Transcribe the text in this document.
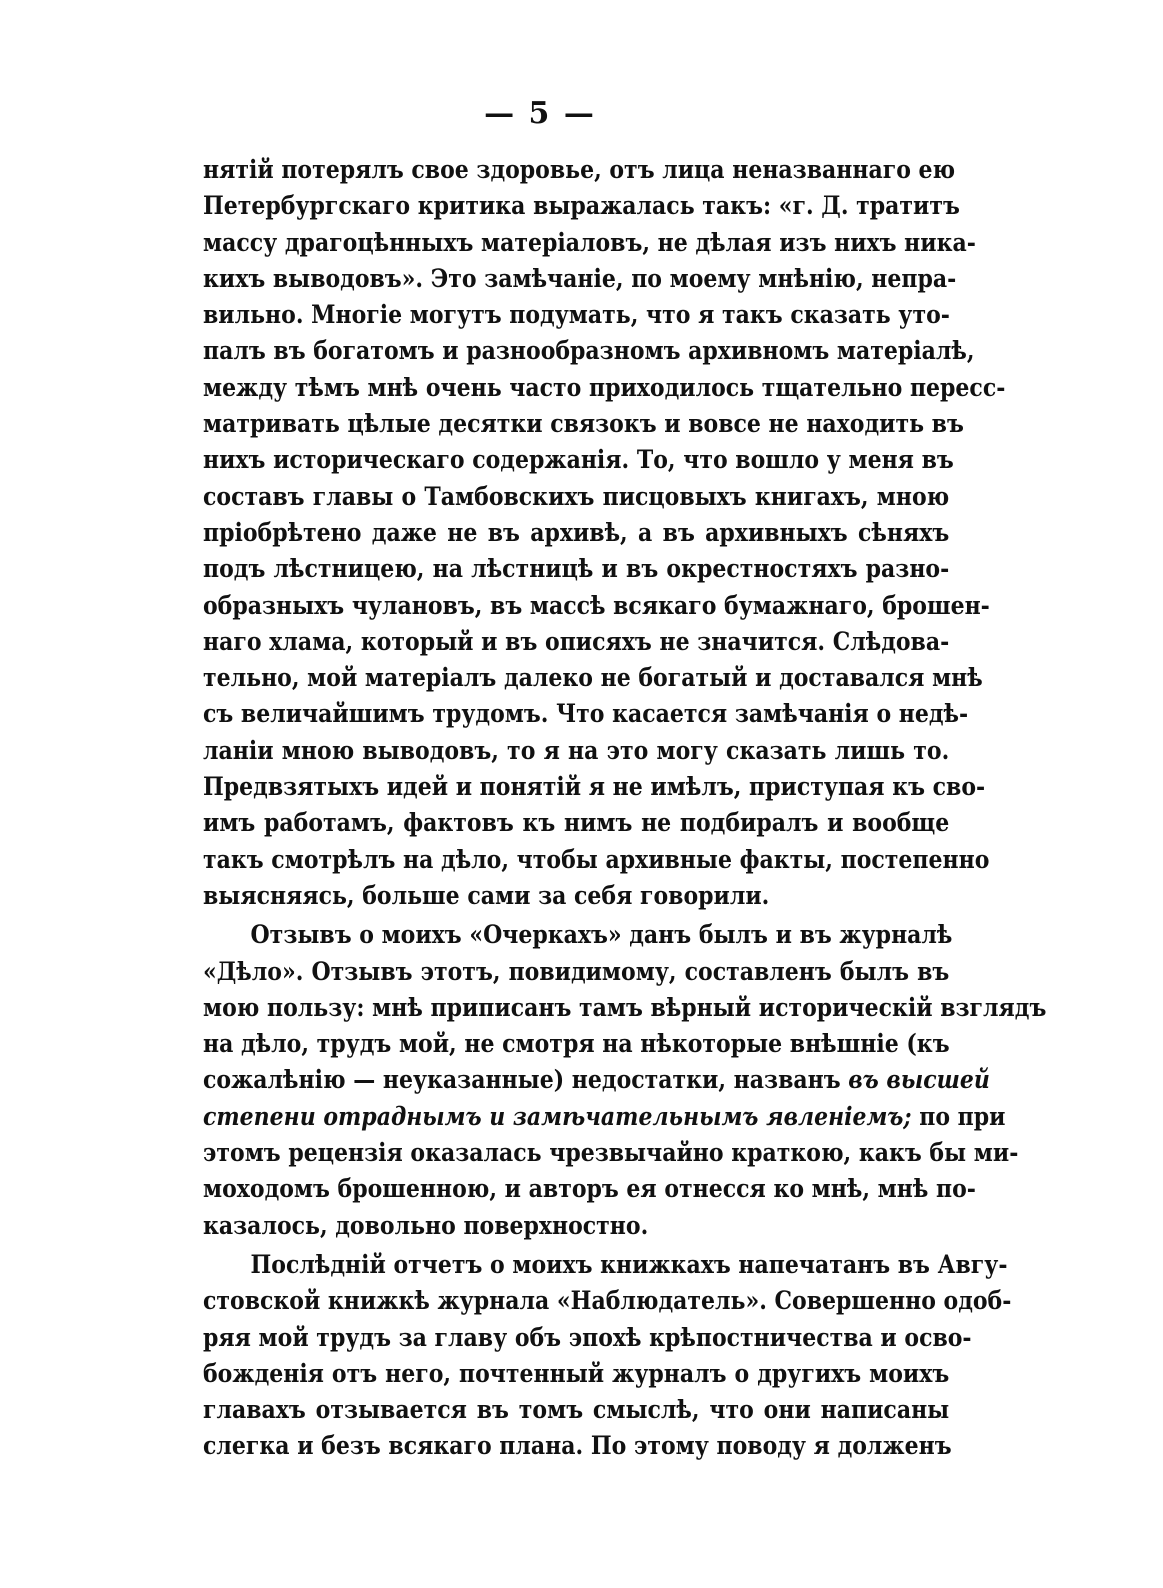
— 5 —
нятій потерялъ свое здоровье, отъ лица неназваннаго ею
Петербургскаго критика выражалась такъ: «г. Д. тратитъ
массу драгоцѣнныхъ матеріаловъ, не дѣлая изъ нихъ ника-
кихъ выводовъ». Это замѣчаніе, по моему мнѣнію, непра-
вильно. Многіе могутъ подумать, что я такъ сказать уто-
палъ въ богатомъ и разнообразномъ архивномъ матеріалѣ,
между тѣмъ мнѣ очень часто приходилось тщательно пересс-
матривать цѣлые десятки связокъ и вовсе не находить въ
нихъ историческаго содержанія. То, что вошло у меня въ
составъ главы о Тамбовскихъ писцовыхъ книгахъ, мною
пріобрѣтено даже не въ архивѣ, а въ архивныхъ сѣняхъ
подъ лѣстницею, на лѣстницѣ и въ окрестностяхъ разно-
образныхъ чулановъ, въ массѣ всякаго бумажнаго, брошен-
наго хлама, который и въ описяхъ не значится. Слѣдова-
тельно, мой матеріалъ далеко не богатый и доставался мнѣ
съ величайшимъ трудомъ. Что касается замѣчанія о недѣ-
ланіи мною выводовъ, то я на это могу сказать лишь то.
Предвзятыхъ идей и понятій я не имѣлъ, приступая къ сво-
имъ работамъ, фактовъ къ нимъ не подбиралъ и вообще
такъ смотрѣлъ на дѣло, чтобы архивные факты, постепенно
выясняясь, больше сами за себя говорили.
Отзывъ о моихъ «Очеркахъ» данъ былъ и въ журналѣ
«Дѣло». Отзывъ этотъ, повидимому, составленъ былъ въ
мою пользу: мнѣ приписанъ тамъ вѣрный историческій взглядъ
на дѣло, трудъ мой, не смотря на нѣкоторые внѣшніе (къ
сожалѣнію — неуказанные) недостатки, названъ въ высшей
степени отраднымъ и замѣчательнымъ явленіемъ; по при
этомъ рецензія оказалась чрезвычайно краткою, какъ бы ми-
моходомъ брошенною, и авторъ ея отнесся ко мнѣ, мнѣ по-
казалось, довольно поверхностно.
Послѣдній отчетъ о моихъ книжкахъ напечатанъ въ Авгу-
стовской книжкѣ журнала «Наблюдатель». Совершенно одоб-
ряя мой трудъ за главу объ эпохѣ крѣпостничества и осво-
божденія отъ него, почтенный журналъ о другихъ моихъ
главахъ отзывается въ томъ смыслѣ, что они написаны
слегка и безъ всякаго плана. По этому поводу я долженъ
